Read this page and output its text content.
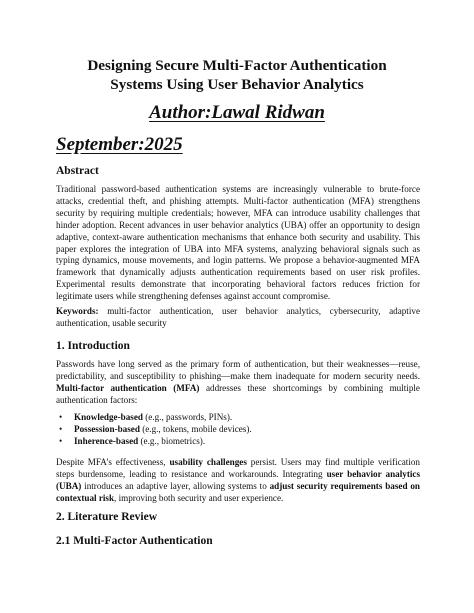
Designing Secure Multi-Factor Authentication
Systems Using User Behavior Analytics
Author:Lawal Ridwan
September:2025
Abstract
Traditional password-based authentication systems are increasingly vulnerable to brute-force attacks, credential theft, and phishing attempts. Multi-factor authentication (MFA) strengthens security by requiring multiple credentials; however, MFA can introduce usability challenges that hinder adoption. Recent advances in user behavior analytics (UBA) offer an opportunity to design adaptive, context-aware authentication mechanisms that enhance both security and usability. This paper explores the integration of UBA into MFA systems, analyzing behavioral signals such as typing dynamics, mouse movements, and login patterns. We propose a behavior-augmented MFA framework that dynamically adjusts authentication requirements based on user risk profiles. Experimental results demonstrate that incorporating behavioral factors reduces friction for legitimate users while strengthening defenses against account compromise.
Keywords: multi-factor authentication, user behavior analytics, cybersecurity, adaptive authentication, usable security
1. Introduction
Passwords have long served as the primary form of authentication, but their weaknesses—reuse, predictability, and susceptibility to phishing—make them inadequate for modern security needs. Multi-factor authentication (MFA) addresses these shortcomings by combining multiple authentication factors:
• Knowledge-based (e.g., passwords, PINs).
• Possession-based (e.g., tokens, mobile devices).
• Inherence-based (e.g., biometrics).
Despite MFA’s effectiveness, usability challenges persist. Users may find multiple verification steps burdensome, leading to resistance and workarounds. Integrating user behavior analytics (UBA) introduces an adaptive layer, allowing systems to adjust security requirements based on contextual risk, improving both security and user experience.
2. Literature Review
2.1 Multi-Factor Authentication
